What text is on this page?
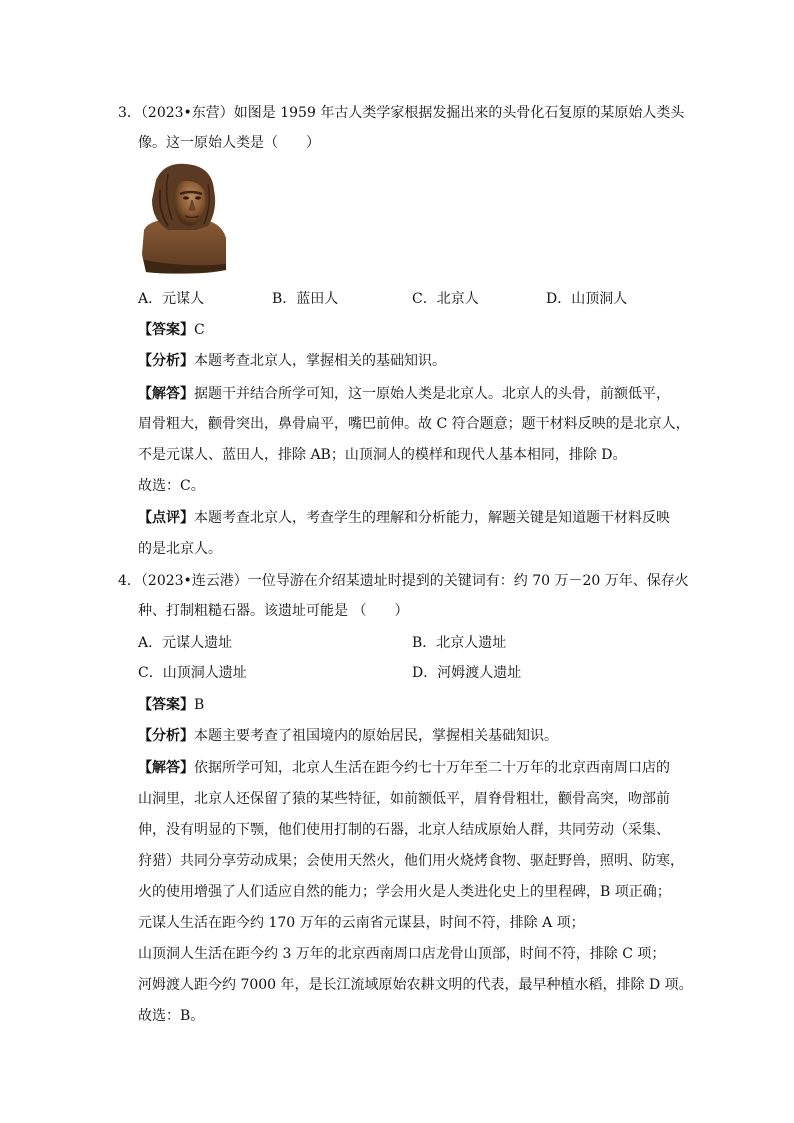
3．（2023•东营）如图是 1959 年古人类学家根据发掘出来的头骨化石复原的某原始人类头
像。这一原始人类是（　　）
A．元谋人	B．蓝田人	C．北京人	D．山顶洞人
【答案】C
【分析】本题考查北京人，掌握相关的基础知识。
【解答】据题干并结合所学可知，这一原始人类是北京人。北京人的头骨，前额低平，
眉骨粗大，颧骨突出，鼻骨扁平，嘴巴前伸。故 C 符合题意；题干材料反映的是北京人，
不是元谋人、蓝田人，排除 AB；山顶洞人的模样和现代人基本相同，排除 D。
故选：C。
【点评】本题考查北京人，考查学生的理解和分析能力，解题关键是知道题干材料反映
的是北京人。
4．（2023•连云港）一位导游在介绍某遗址时提到的关键词有：约 70 万－20 万年、保存火
种、打制粗糙石器。该遗址可能是 （　　）
A．元谋人遗址	B．北京人遗址
C．山顶洞人遗址	D．河姆渡人遗址
【答案】B
【分析】本题主要考查了祖国境内的原始居民，掌握相关基础知识。
【解答】依据所学可知，北京人生活在距今约七十万年至二十万年的北京西南周口店的
山洞里，北京人还保留了猿的某些特征，如前额低平，眉脊骨粗壮，颧骨高突，吻部前
伸，没有明显的下颚，他们使用打制的石器，北京人结成原始人群，共同劳动（采集、
狩猎）共同分享劳动成果；会使用天然火，他们用火烧烤食物、驱赶野兽，照明、防寒，
火的使用增强了人们适应自然的能力；学会用火是人类进化史上的里程碑，B 项正确；
元谋人生活在距今约 170 万年的云南省元谋县，时间不符，排除 A 项；
山顶洞人生活在距今约 3 万年的北京西南周口店龙骨山顶部，时间不符，排除 C 项；
河姆渡人距今约 7000 年，是长江流域原始农耕文明的代表，最早种植水稻，排除 D 项。
故选：B。
